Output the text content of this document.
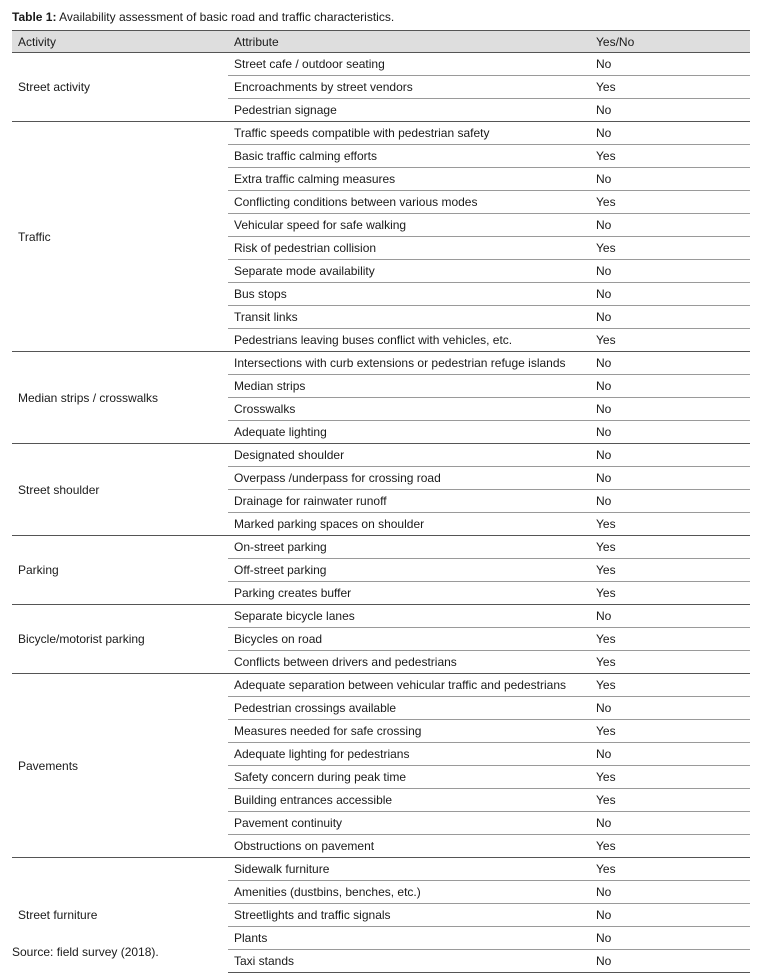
Table 1: Availability assessment of basic road and traffic characteristics.
Activity	Attribute	Yes/No
Street activity	Street cafe / outdoor seating	No
	Encroachments by street vendors	Yes
	Pedestrian signage	No
Traffic	Traffic speeds compatible with pedestrian safety	No
	Basic traffic calming efforts	Yes
	Extra traffic calming measures	No
	Conflicting conditions between various modes	Yes
	Vehicular speed for safe walking	No
	Risk of pedestrian collision	Yes
	Separate mode availability	No
	Bus stops	No
	Transit links	No
	Pedestrians leaving buses conflict with vehicles, etc.	Yes
Median strips / crosswalks	Intersections with curb extensions or pedestrian refuge islands	No
	Median strips	No
	Crosswalks	No
	Adequate lighting	No
Street shoulder	Designated shoulder	No
	Overpass /underpass for crossing road	No
	Drainage for rainwater runoff	No
	Marked parking spaces on shoulder	Yes
Parking	On-street parking	Yes
	Off-street parking	Yes
	Parking creates buffer	Yes
Bicycle/motorist parking	Separate bicycle lanes	No
	Bicycles on road	Yes
	Conflicts between drivers and pedestrians	Yes
Pavements	Adequate separation between vehicular traffic and pedestrians	Yes
	Pedestrian crossings available	No
	Measures needed for safe crossing	Yes
	Adequate lighting for pedestrians	No
	Safety concern during peak time	Yes
	Building entrances accessible	Yes
	Pavement continuity	No
	Obstructions on pavement	Yes
Street furniture	Sidewalk furniture	Yes
	Amenities (dustbins, benches, etc.)	No
	Streetlights and traffic signals	No
	Plants	No
	Taxi stands	No
Source: field survey (2018).
